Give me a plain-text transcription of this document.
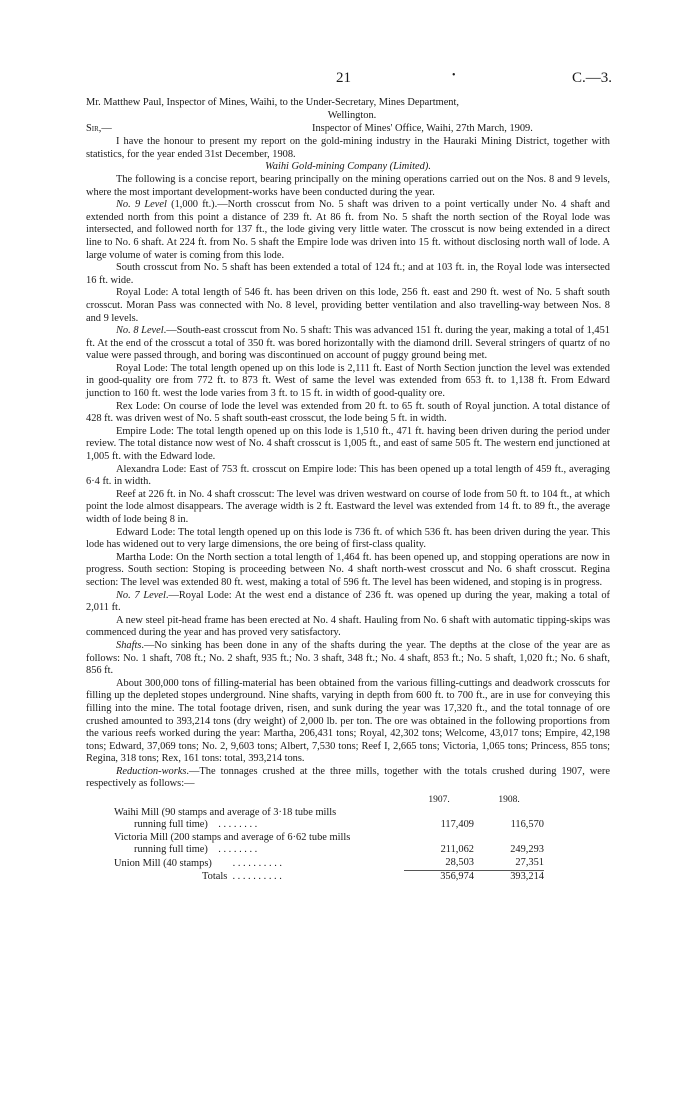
21	•	C.—3.

Mr. Matthew Paul, Inspector of Mines, Waihi, to the Under-Secretary, Mines Department,

Wellington.

Sir,—	Inspector of Mines' Office, Waihi, 27th March, 1909.

I have the honour to present my report on the gold-mining industry in the Hauraki Mining District, together with statistics, for the year ended 31st December, 1908.

Waihi Gold-mining Company (Limited).

The following is a concise report, bearing principally on the mining operations carried out on the Nos. 8 and 9 levels, where the most important development-works have been conducted during the year.

No. 9 Level (1,000 ft.).—North crosscut from No. 5 shaft was driven to a point vertically under No. 4 shaft and extended north from this point a distance of 239 ft. At 86 ft. from No. 5 shaft the north section of the Royal lode was intersected, and followed north for 137 ft., the lode giving very little water. The crosscut is now being extended in a direct line to No. 6 shaft. At 224 ft. from No. 5 shaft the Empire lode was driven into 15 ft. without disclosing north wall of lode. A large volume of water is coming from this lode.

South crosscut from No. 5 shaft has been extended a total of 124 ft.; and at 103 ft. in, the Royal lode was intersected 16 ft. wide.

Royal Lode: A total length of 546 ft. has been driven on this lode, 256 ft. east and 290 ft. west of No. 5 shaft south crosscut. Moran Pass was connected with No. 8 level, providing better ventilation and also travelling-way between Nos. 8 and 9 levels.

No. 8 Level.—South-east crosscut from No. 5 shaft: This was advanced 151 ft. during the year, making a total of 1,451 ft. At the end of the crosscut a total of 350 ft. was bored horizontally with the diamond drill. Several stringers of quartz of no value were passed through, and boring was discontinued on account of puggy ground being met.

Royal Lode: The total length opened up on this lode is 2,111 ft. East of North Section junction the level was extended in good-quality ore from 772 ft. to 873 ft. West of same the level was extended from 653 ft. to 1,138 ft. From Edward junction to 160 ft. west the lode varies from 3 ft. to 15 ft. in width of good-quality ore.

Rex Lode: On course of lode the level was extended from 20 ft. to 65 ft. south of Royal junction. A total distance of 428 ft. was driven west of No. 5 shaft south-east crosscut, the lode being 5 ft. in width.

Empire Lode: The total length opened up on this lode is 1,510 ft., 471 ft. having been driven during the period under review. The total distance now west of No. 4 shaft crosscut is 1,005 ft., and east of same 505 ft. The western end junctioned at 1,005 ft. with the Edward lode.

Alexandra Lode: East of 753 ft. crosscut on Empire lode: This has been opened up a total length of 459 ft., averaging 6·4 ft. in width.

Reef at 226 ft. in No. 4 shaft crosscut: The level was driven westward on course of lode from 50 ft. to 104 ft., at which point the lode almost disappears. The average width is 2 ft. Eastward the level was extended from 14 ft. to 89 ft., the average width of lode being 8 in.

Edward Lode: The total length opened up on this lode is 736 ft. of which 536 ft. has been driven during the year. This lode has widened out to very large dimensions, the ore being of first-class quality.

Martha Lode: On the North section a total length of 1,464 ft. has been opened up, and stopping operations are now in progress. South section: Stoping is proceeding between No. 4 shaft north-west crosscut and No. 6 shaft crosscut. Regina section: The level was extended 80 ft. west, making a total of 596 ft. The level has been widened, and stoping is in progress.

No. 7 Level.—Royal Lode: At the west end a distance of 236 ft. was opened up during the year, making a total of 2,011 ft.

A new steel pit-head frame has been erected at No. 4 shaft. Hauling from No. 6 shaft with automatic tipping-skips was commenced during the year and has proved very satisfactory.

Shafts.—No sinking has been done in any of the shafts during the year. The depths at the close of the year are as follows: No. 1 shaft, 708 ft.; No. 2 shaft, 935 ft.; No. 3 shaft, 348 ft.; No. 4 shaft, 853 ft.; No. 5 shaft, 1,020 ft.; No. 6 shaft, 856 ft.

About 300,000 tons of filling-material has been obtained from the various filling-cuttings and deadwork crosscuts for filling up the depleted stopes underground. Nine shafts, varying in depth from 600 ft. to 700 ft., are in use for conveying this filling into the mine. The total footage driven, risen, and sunk during the year was 17,320 ft., and the total tonnage of ore crushed amounted to 393,214 tons (dry weight) of 2,000 lb. per ton. The ore was obtained in the following proportions from the various reefs worked during the year: Martha, 206,431 tons; Royal, 42,302 tons; Welcome, 43,017 tons; Empire, 42,198 tons; Edward, 37,069 tons; No. 2, 9,603 tons; Albert, 7,530 tons; Reef I, 2,665 tons; Victoria, 1,065 tons; Princess, 855 tons; Regina, 318 tons; Rex, 161 tons: total, 393,214 tons.

Reduction-works.—The tonnages crushed at the three mills, together with the totals crushed during 1907, were respectively as follows:—

	1907.	1908.
Waihi Mill (90 stamps and average of 3·18 tube mills		
running full time) . . . . . . . .	117,409	116,570
Victoria Mill (200 stamps and average of 6·62 tube mills		
running full time) . . . . . . . .	211,062	249,293
Union Mill (40 stamps) . . . . . . . . . .	28,503	27,351
Totals . . . . . . . . . .	356,974	393,214
